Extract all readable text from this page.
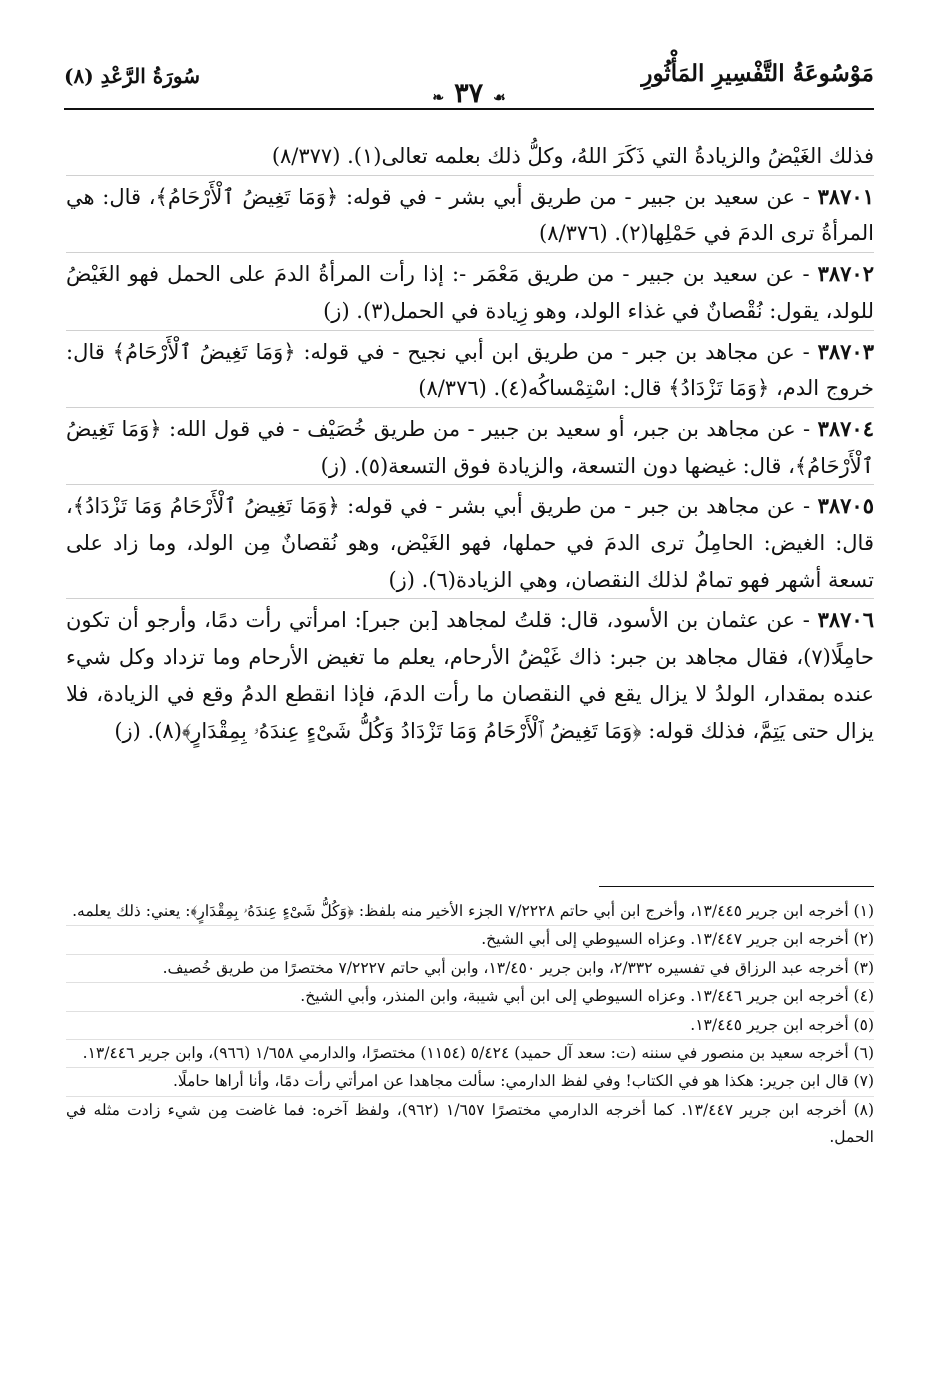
مَوْسُوعَةُ التَّفْسِيرِ المَأْثُورِ
☙٣٧❧
سُورَةُ الرَّعْدِ (٨)

فذلك الغَيْضُ والزيادةُ التي ذَكَرَ اللهُ، وكلُّ ذلك بعلمه تعالى(١). (٨/٣٧٧)

٣٨٧٠١ - عن سعيد بن جبير - من طريق أبي بشر - في قوله: ﴿وَمَا تَغِيضُ ٱلْأَرْحَامُ﴾، قال: هي المرأةُ ترى الدمَ في حَمْلِها(٢). (٨/٣٧٦)

٣٨٧٠٢ - عن سعيد بن جبير - من طريق مَعْمَر -: إذا رأت المرأةُ الدمَ على الحمل فهو الغَيْضُ للولد، يقول: نُقْصانٌ في غذاء الولد، وهو زِيادة في الحمل(٣). (ز)

٣٨٧٠٣ - عن مجاهد بن جبر - من طريق ابن أبي نجيح - في قوله: ﴿وَمَا تَغِيضُ ٱلْأَرْحَامُ﴾ قال: خروج الدم، ﴿وَمَا تَزْدَادُ﴾ قال: اسْتِمْساكُه(٤). (٨/٣٧٦)

٣٨٧٠٤ - عن مجاهد بن جبر، أو سعيد بن جبير - من طريق خُصَيْف - في قول الله: ﴿وَمَا تَغِيضُ ٱلْأَرْحَامُ﴾، قال: غيضها دون التسعة، والزيادة فوق التسعة(٥). (ز)

٣٨٧٠٥ - عن مجاهد بن جبر - من طريق أبي بشر - في قوله: ﴿وَمَا تَغِيضُ ٱلْأَرْحَامُ وَمَا تَزْدَادُ﴾، قال: الغيض: الحامِلُ ترى الدمَ في حملها، فهو الغَيْض، وهو نُقصانٌ مِن الولد، وما زاد على تسعة أشهر فهو تمامٌ لذلك النقصان، وهي الزيادة(٦). (ز)

٣٨٧٠٦ - عن عثمان بن الأسود، قال: قلتُ لمجاهد [بن جبر]: امرأتي رأت دمًا، وأرجو أن تكون حامِلًا(٧)، فقال مجاهد بن جبر: ذاك غَيْضُ الأرحام، يعلم ما تغيض الأرحام وما تزداد وكل شيء عنده بمقدار، الولدُ لا يزال يقع في النقصان ما رأت الدمَ، فإذا انقطع الدمُ وقع في الزيادة، فلا يزال حتى يَتِمَّ، فذلك قوله: ﴿وَمَا تَغِيضُ ٱلْأَرْحَامُ وَمَا تَزْدَادُ وَكُلُّ شَىْءٍ عِندَهُۥ بِمِقْدَارٍ﴾(٨). (ز)

(١) أخرجه ابن جرير ١٣/٤٤٥، وأخرج ابن أبي حاتم ٧/٢٢٢٨ الجزء الأخير منه بلفظ: ﴿وَكُلُّ شَىْءٍ عِندَهُۥ بِمِقْدَارٍ﴾: يعني: ذلك يعلمه.

(٢) أخرجه ابن جرير ١٣/٤٤٧. وعزاه السيوطي إلى أبي الشيخ.

(٣) أخرجه عبد الرزاق في تفسيره ٢/٣٣٢، وابن جرير ١٣/٤٥٠، وابن أبي حاتم ٧/٢٢٢٧ مختصرًا من طريق خُصيف.

(٤) أخرجه ابن جرير ١٣/٤٤٦. وعزاه السيوطي إلى ابن أبي شيبة، وابن المنذر، وأبي الشيخ.

(٥) أخرجه ابن جرير ١٣/٤٤٥.

(٦) أخرجه سعيد بن منصور في سننه (ت: سعد آل حميد) ٥/٤٢٤ (١١٥٤) مختصرًا، والدارمي ١/٦٥٨ (٩٦٦)، وابن جرير ١٣/٤٤٦.

(٧) قال ابن جرير: هكذا هو في الكتاب! وفي لفظ الدارمي: سألت مجاهدا عن امرأتي رأت دمًا، وأنا أراها حاملًا.

(٨) أخرجه ابن جرير ١٣/٤٤٧. كما أخرجه الدارمي مختصرًا ١/٦٥٧ (٩٦٢)، ولفظ آخره: فما غاضت مِن شيء زادت مثله في الحمل.
